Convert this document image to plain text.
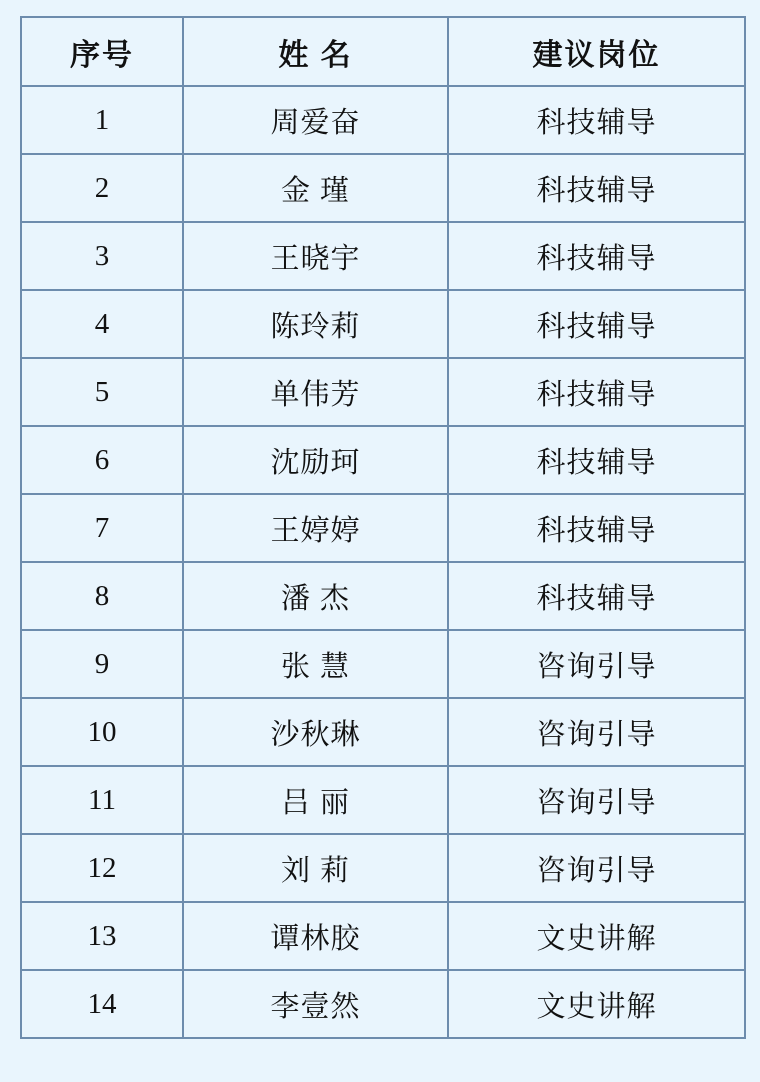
序号	姓 名	建议岗位
1	周爱奋	科技辅导
2	金 瑾	科技辅导
3	王晓宇	科技辅导
4	陈玲莉	科技辅导
5	单伟芳	科技辅导
6	沈励珂	科技辅导
7	王婷婷	科技辅导
8	潘 杰	科技辅导
9	张 慧	咨询引导
10	沙秋琳	咨询引导
11	吕 丽	咨询引导
12	刘 莉	咨询引导
13	谭林胶	文史讲解
14	李壹然	文史讲解
